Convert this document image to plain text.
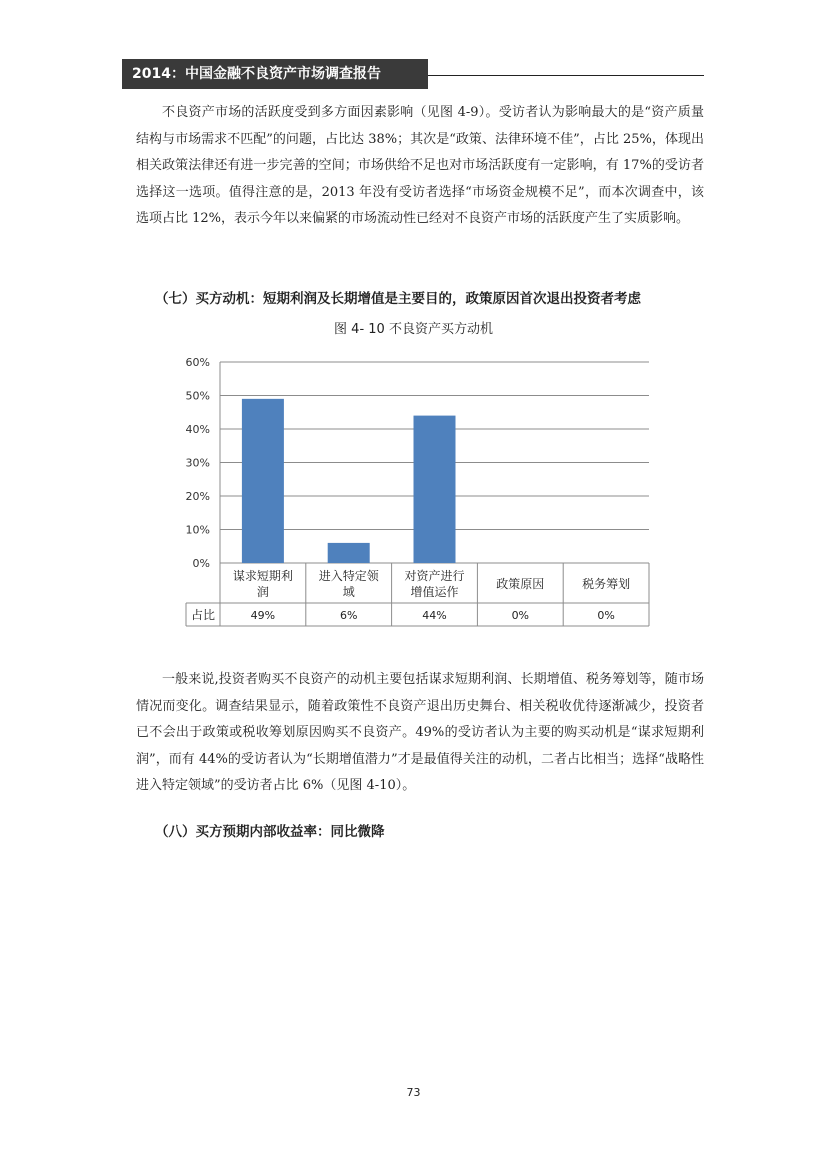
2014：中国金融不良资产市场调查报告

不良资产市场的活跃度受到多方面因素影响（见图 4-9）。受访者认为影响最大的是“资产质量结构与市场需求不匹配”的问题，占比达 38%；其次是“政策、法律环境不佳”，占比 25%，体现出相关政策法律还有进一步完善的空间；市场供给不足也对市场活跃度有一定影响，有 17%的受访者选择这一选项。值得注意的是，2013 年没有受访者选择“市场资金规模不足”，而本次调查中，该选项占比 12%，表示今年以来偏紧的市场流动性已经对不良资产市场的活跃度产生了实质影响。

（七）买方动机：短期利润及长期增值是主要目的，政策原因首次退出投资者考虑
图 4- 10 不良资产买方动机
0%
10%
20%
30%
40%
50%
60%
占比
谋求短期利
润
49%
进入特定领
域
6%
对资产进行
增值运作
44%
政策原因
0%
税务筹划
0%

一般来说,投资者购买不良资产的动机主要包括谋求短期利润、长期增值、税务筹划等，随市场情况而变化。调查结果显示，随着政策性不良资产退出历史舞台、相关税收优待逐渐减少，投资者已不会出于政策或税收筹划原因购买不良资产。49%的受访者认为主要的购买动机是“谋求短期利润”，而有 44%的受访者认为“长期增值潜力”才是最值得关注的动机，二者占比相当；选择“战略性进入特定领域”的受访者占比 6%（见图 4-10）。

（八）买方预期内部收益率：同比微降
73
